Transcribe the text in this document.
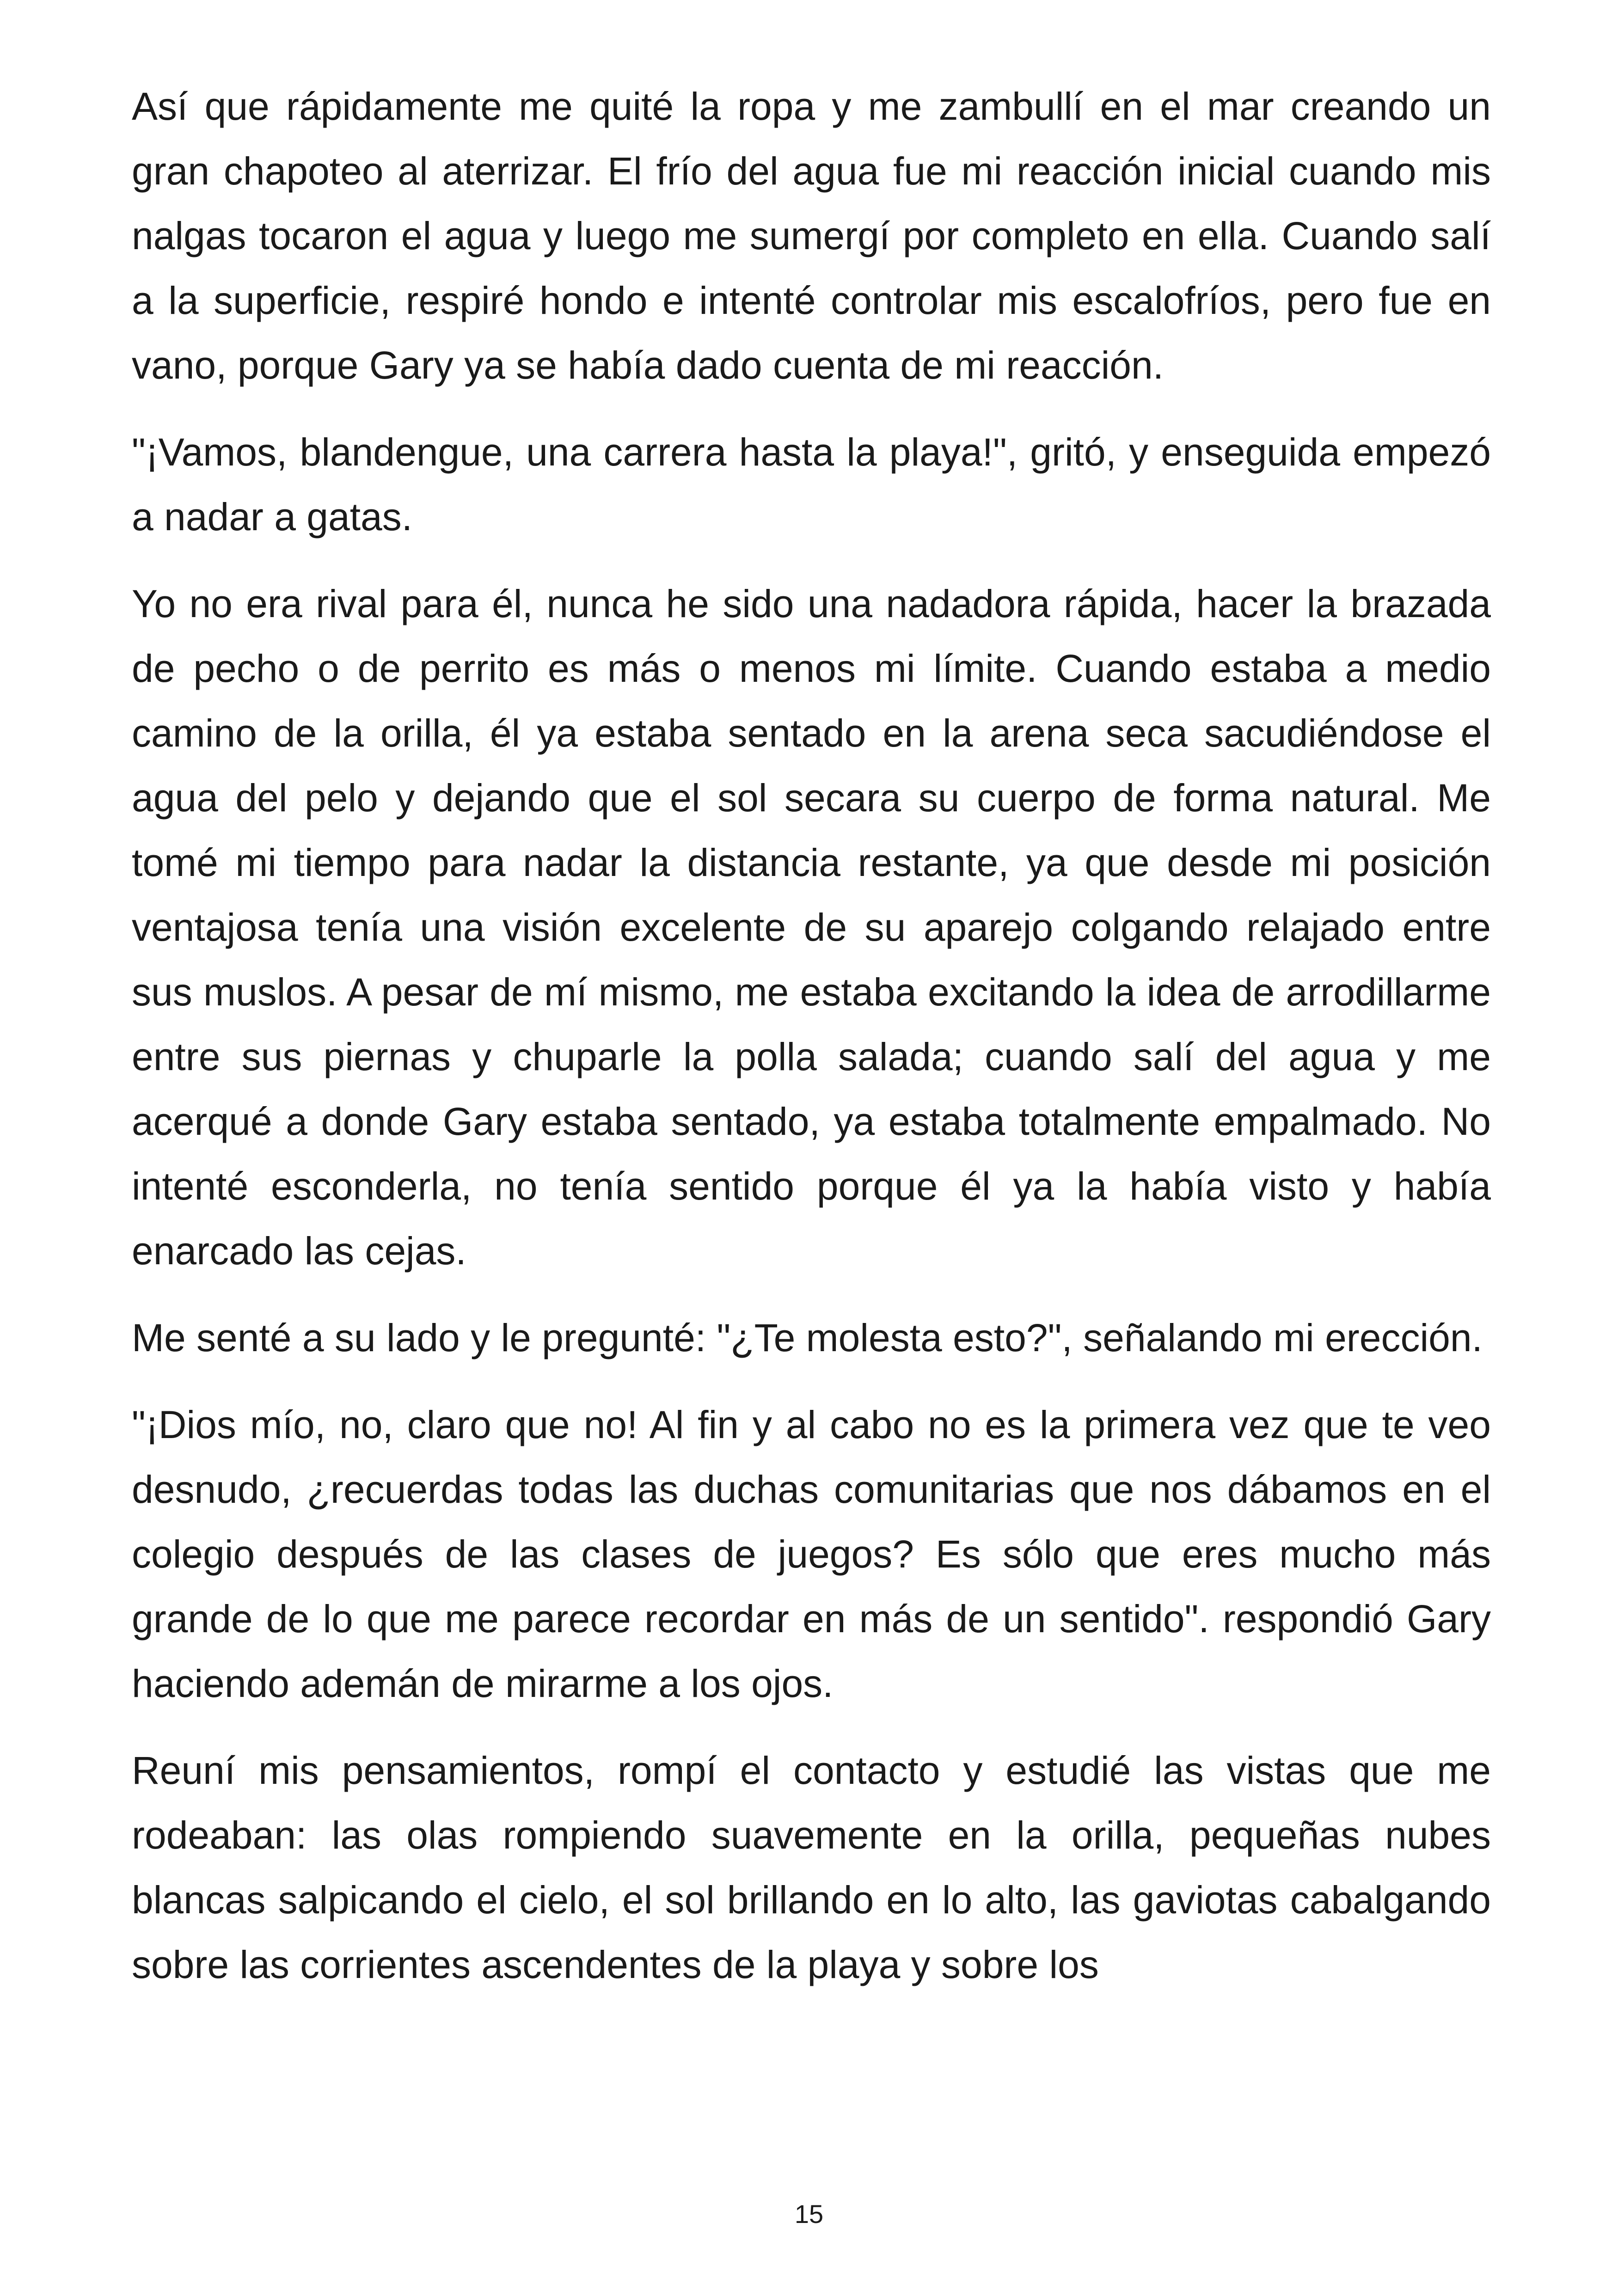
Así que rápidamente me quité la ropa y me zambullí en el mar creando un gran chapoteo al aterrizar. El frío del agua fue mi reacción inicial cuando mis nalgas tocaron el agua y luego me sumergí por completo en ella. Cuando salí a la superficie, respiré hondo e intenté controlar mis escalofríos, pero fue en vano, porque Gary ya se había dado cuenta de mi reacción.

"¡Vamos, blandengue, una carrera hasta la playa!", gritó, y enseguida empezó a nadar a gatas.

Yo no era rival para él, nunca he sido una nadadora rápida, hacer la brazada de pecho o de perrito es más o menos mi límite. Cuando estaba a medio camino de la orilla, él ya estaba sentado en la arena seca sacudiéndose el agua del pelo y dejando que el sol secara su cuerpo de forma natural. Me tomé mi tiempo para nadar la distancia restante, ya que desde mi posición ventajosa tenía una visión excelente de su aparejo colgando relajado entre sus muslos. A pesar de mí mismo, me estaba excitando la idea de arrodillarme entre sus piernas y chuparle la polla salada; cuando salí del agua y me acerqué a donde Gary estaba sentado, ya estaba totalmente empalmado. No intenté esconderla, no tenía sentido porque él ya la había visto y había enarcado las cejas.

Me senté a su lado y le pregunté: "¿Te molesta esto?", señalando mi erección.

"¡Dios mío, no, claro que no! Al fin y al cabo no es la primera vez que te veo desnudo, ¿recuerdas todas las duchas comunitarias que nos dábamos en el colegio después de las clases de juegos? Es sólo que eres mucho más grande de lo que me parece recordar en más de un sentido". respondió Gary haciendo ademán de mirarme a los ojos.

Reuní mis pensamientos, rompí el contacto y estudié las vistas que me rodeaban: las olas rompiendo suavemente en la orilla, pequeñas nubes blancas salpicando el cielo, el sol brillando en lo alto, las gaviotas cabalgando sobre las corrientes ascendentes de la playa y sobre los

15
